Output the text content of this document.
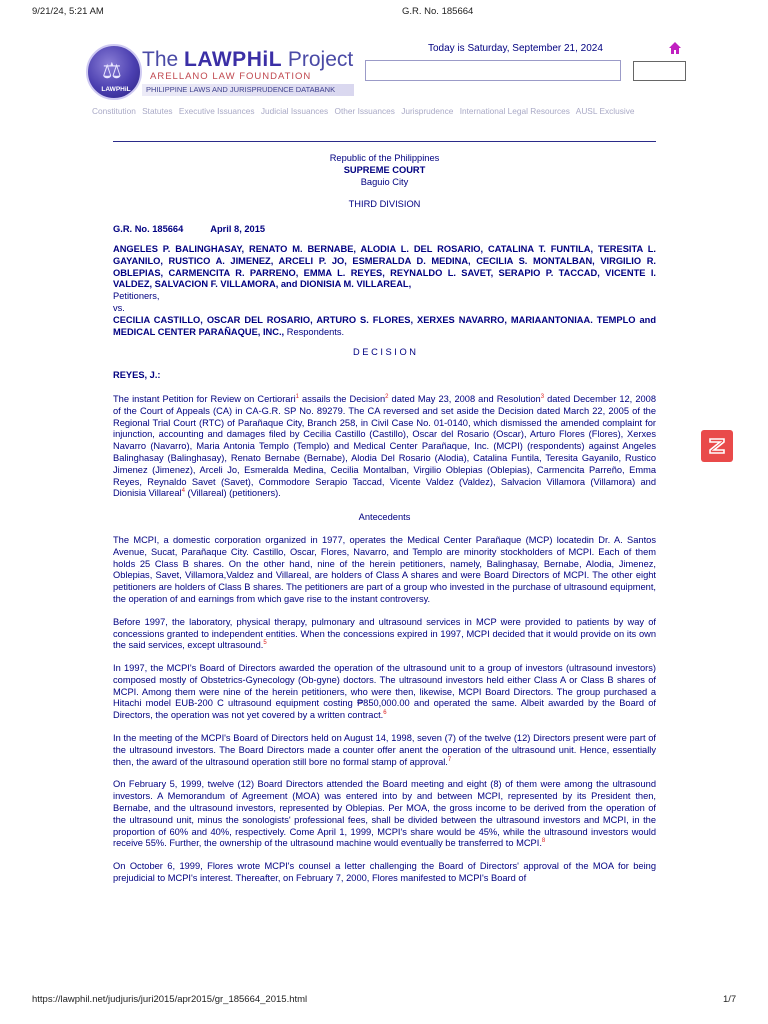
9/21/24, 5:21 AM	G.R. No. 185664
⚖
LAWPHiL
The LAWPHiL Project
ARELLANO LAW FOUNDATION
PHILIPPINE LAWS AND JURISPRUDENCE DATABANK
Today is Saturday, September 21, 2024
Constitution Statutes Executive Issuances Judicial Issuances Other Issuances Jurisprudence International Legal Resources AUSL Exclusive
Republic of the Philippines
SUPREME COURT
Baguio City
THIRD DIVISION
G.R. No. 185664	April 8, 2015

ANGELES P. BALINGHASAY, RENATO M. BERNABE, ALODIA L. DEL ROSARIO, CATALINA T. FUNTILA, TERESITA L. GAYANILO, RUSTICO A. JIMENEZ, ARCELI P. JO, ESMERALDA D. MEDINA, CECILIA S. MONTALBAN, VIRGILIO R. OBLEPIAS, CARMENCITA R. PARRENO, EMMA L. REYES, REYNALDO L. SAVET, SERAPIO P. TACCAD, VICENTE I. VALDEZ, SALVACION F. VILLAMORA, and DIONISIA M. VILLAREAL,

Petitioners,
vs.

CECILIA CASTILLO, OSCAR DEL ROSARIO, ARTURO S. FLORES, XERXES NAVARRO, MARIAANTONIAA. TEMPLO and MEDICAL CENTER PARAÑAQUE, INC., Respondents.

D E C I S I O N
REYES, J.:

The instant Petition for Review on Certiorari$^1$ assails the Decision$^2$ dated May 23, 2008 and Resolution$^3$ dated December 12, 2008 of the Court of Appeals (CA) in CA-G.R. SP No. 89279. The CA reversed and set aside the Decision dated March 22, 2005 of the Regional Trial Court (RTC) of Parañaque City, Branch 258, in Civil Case No. 01-0140, which dismissed the amended complaint for injunction, accounting and damages filed by Cecilia Castillo (Castillo), Oscar del Rosario (Oscar), Arturo Flores (Flores), Xerxes Navarro (Navarro), Maria Antonia Templo (Templo) and Medical Center Parañaque, Inc. (MCPI) (respondents) against Angeles Balinghasay (Balinghasay), Renato Bernabe (Bernabe), Alodia Del Rosario (Alodia), Catalina Funtila, Teresita Gayanilo, Rustico Jimenez (Jimenez), Arceli Jo, Esmeralda Medina, Cecilia Montalban, Virgilio Oblepias (Oblepias), Carmencita Parreño, Emma Reyes, Reynaldo Savet (Savet), Commodore Serapio Taccad, Vicente Valdez (Valdez), Salvacion Villamora (Villamora) and Dionisia Villareal$^4$ (Villareal) (petitioners).

Antecedents

The MCPI, a domestic corporation organized in 1977, operates the Medical Center Parañaque (MCP) locatedin Dr. A. Santos Avenue, Sucat, Parañaque City. Castillo, Oscar, Flores, Navarro, and Templo are minority stockholders of MCPI. Each of them holds 25 Class B shares. On the other hand, nine of the herein petitioners, namely, Balinghasay, Bernabe, Alodia, Jimenez, Oblepias, Savet, Villamora,Valdez and Villareal, are holders of Class A shares and were Board Directors of MCPI. The other eight petitioners are holders of Class B shares. The petitioners are part of a group who invested in the purchase of ultrasound equipment, the operation of and earnings from which gave rise to the instant controversy.

Before 1997, the laboratory, physical therapy, pulmonary and ultrasound services in MCP were provided to patients by way of concessions granted to independent entities. When the concessions expired in 1997, MCPI decided that it would provide on its own the said services, except ultrasound.$^5$

In 1997, the MCPI's Board of Directors awarded the operation of the ultrasound unit to a group of investors (ultrasound investors) composed mostly of Obstetrics-Gynecology (Ob-gyne) doctors. The ultrasound investors held either Class A or Class B shares of MCPI. Among them were nine of the herein petitioners, who were then, likewise, MCPI Board Directors. The group purchased a Hitachi model EUB-200 C ultrasound equipment costing ₱850,000.00 and operated the same. Albeit awarded by the Board of Directors, the operation was not yet covered by a written contract.$^6$

In the meeting of the MCPI's Board of Directors held on August 14, 1998, seven (7) of the twelve (12) Directors present were part of the ultrasound investors. The Board Directors made a counter offer anent the operation of the ultrasound unit. Hence, essentially then, the award of the ultrasound operation still bore no formal stamp of approval.$^7$

On February 5, 1999, twelve (12) Board Directors attended the Board meeting and eight (8) of them were among the ultrasound investors. A Memorandum of Agreement (MOA) was entered into by and between MCPI, represented by its President then, Bernabe, and the ultrasound investors, represented by Oblepias. Per MOA, the gross income to be derived from the operation of the ultrasound unit, minus the sonologists' professional fees, shall be divided between the ultrasound investors and MCPI, in the proportion of 60% and 40%, respectively. Come April 1, 1999, MCPI's share would be 45%, while the ultrasound investors would receive 55%. Further, the ownership of the ultrasound machine would eventually be transferred to MCPI.$^8$

On October 6, 1999, Flores wrote MCPI's counsel a letter challenging the Board of Directors' approval of the MOA for being prejudicial to MCPI's interest. Thereafter, on February 7, 2000, Flores manifested to MCPI's Board of

https://lawphil.net/judjuris/juri2015/apr2015/gr_185664_2015.html	1/7
